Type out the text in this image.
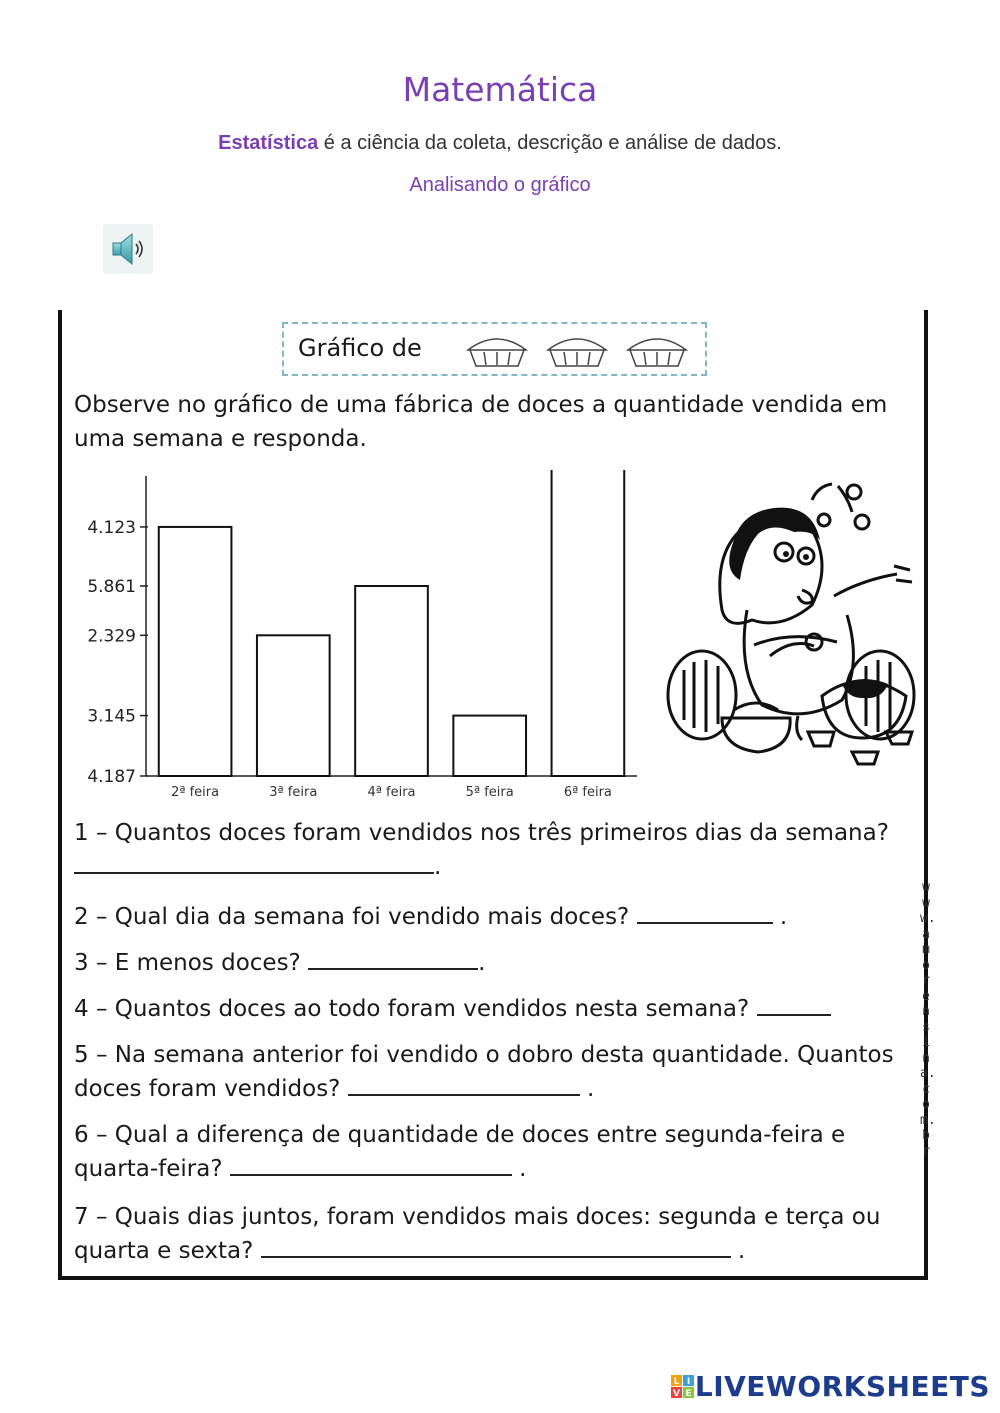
Matemática
Estatística é a ciência da coleta, descrição e análise de dados.
Analisando o gráfico
Gráfico de
Observe no gráfico de uma fábrica de doces a quantidade vendida em uma semana e responda.
4.123
5.861
2.329
3.145
4.187
2ª feira	3ª feira	4ª feira	5ª feira	6ª feira
1 – Quantos doces foram vendidos nos três primeiros dias da semana? .
2 – Qual dia da semana foi vendido mais doces?	.
3 – E menos doces?	.
4 – Quantos doces ao todo foram vendidos nesta semana?
5 – Na semana anterior foi vendido o dobro desta quantidade. Quantos doces foram vendidos?	.
6 – Qual a diferença de quantidade de doces entre segunda-feira e quarta-feira?	.
7 – Quais dias juntos, foram vendidos mais doces: segunda e terça ou quarta e sexta?	.
www.amorensina.com.br
L I
V E LIVEWORKSHEETS
